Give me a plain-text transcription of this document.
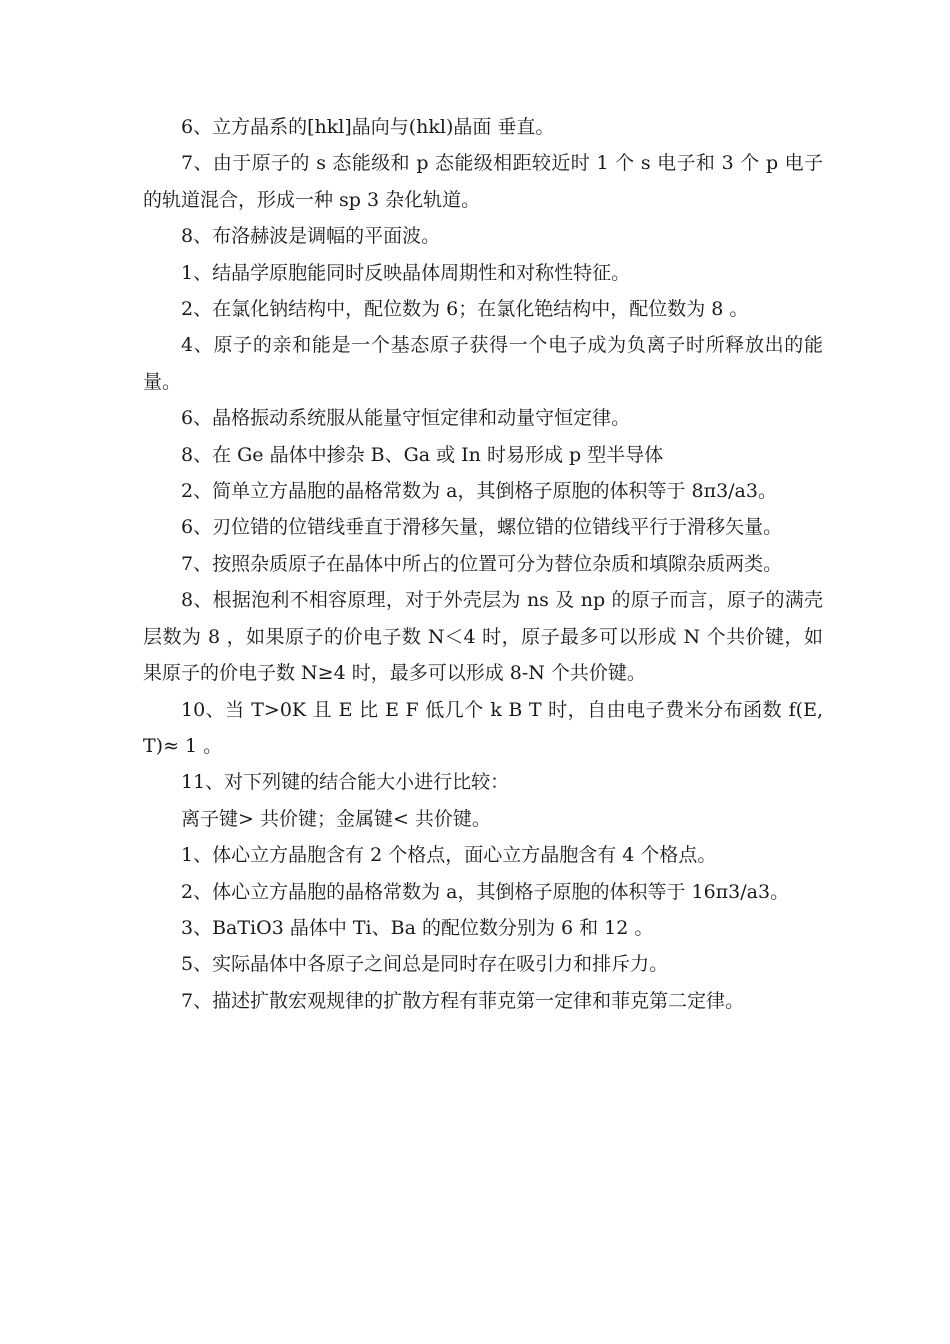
6、立方晶系的[hkl]晶向与(hkl)晶面 垂直。

7、由于原子的 s 态能级和 p 态能级相距较近时 1 个 s 电子和 3 个 p 电子的轨道混合，形成一种 sp 3 杂化轨道。

8、布洛赫波是调幅的平面波。

1、结晶学原胞能同时反映晶体周期性和对称性特征。

2、在氯化钠结构中，配位数为 6；在氯化铯结构中，配位数为 8 。

4、原子的亲和能是一个基态原子获得一个电子成为负离子时所释放出的能量。

6、晶格振动系统服从能量守恒定律和动量守恒定律。

8、在 Ge 晶体中掺杂 B、Ga 或 In 时易形成 p 型半导体

2、简单立方晶胞的晶格常数为 a，其倒格子原胞的体积等于 8π3/a3。

6、刃位错的位错线垂直于滑移矢量，螺位错的位错线平行于滑移矢量。

7、按照杂质原子在晶体中所占的位置可分为替位杂质和填隙杂质两类。

8、根据泡利不相容原理，对于外壳层为 ns 及 np 的原子而言，原子的满壳层数为 8 ，如果原子的价电子数 N＜4 时，原子最多可以形成 N 个共价键，如果原子的价电子数 N≥4 时，最多可以形成 8-N 个共价键。

10、当 T>0K 且 E 比 E F 低几个 k B T 时，自由电子费米分布函数 f(E,T)≈ 1 。

11、对下列键的结合能大小进行比较：

离子键> 共价键；金属键< 共价键。

1、体心立方晶胞含有 2 个格点，面心立方晶胞含有 4 个格点。

2、体心立方晶胞的晶格常数为 a，其倒格子原胞的体积等于 16π3/a3。

3、BaTiO3 晶体中 Ti、Ba 的配位数分别为 6 和 12 。

5、实际晶体中各原子之间总是同时存在吸引力和排斥力。

7、描述扩散宏观规律的扩散方程有菲克第一定律和菲克第二定律。
